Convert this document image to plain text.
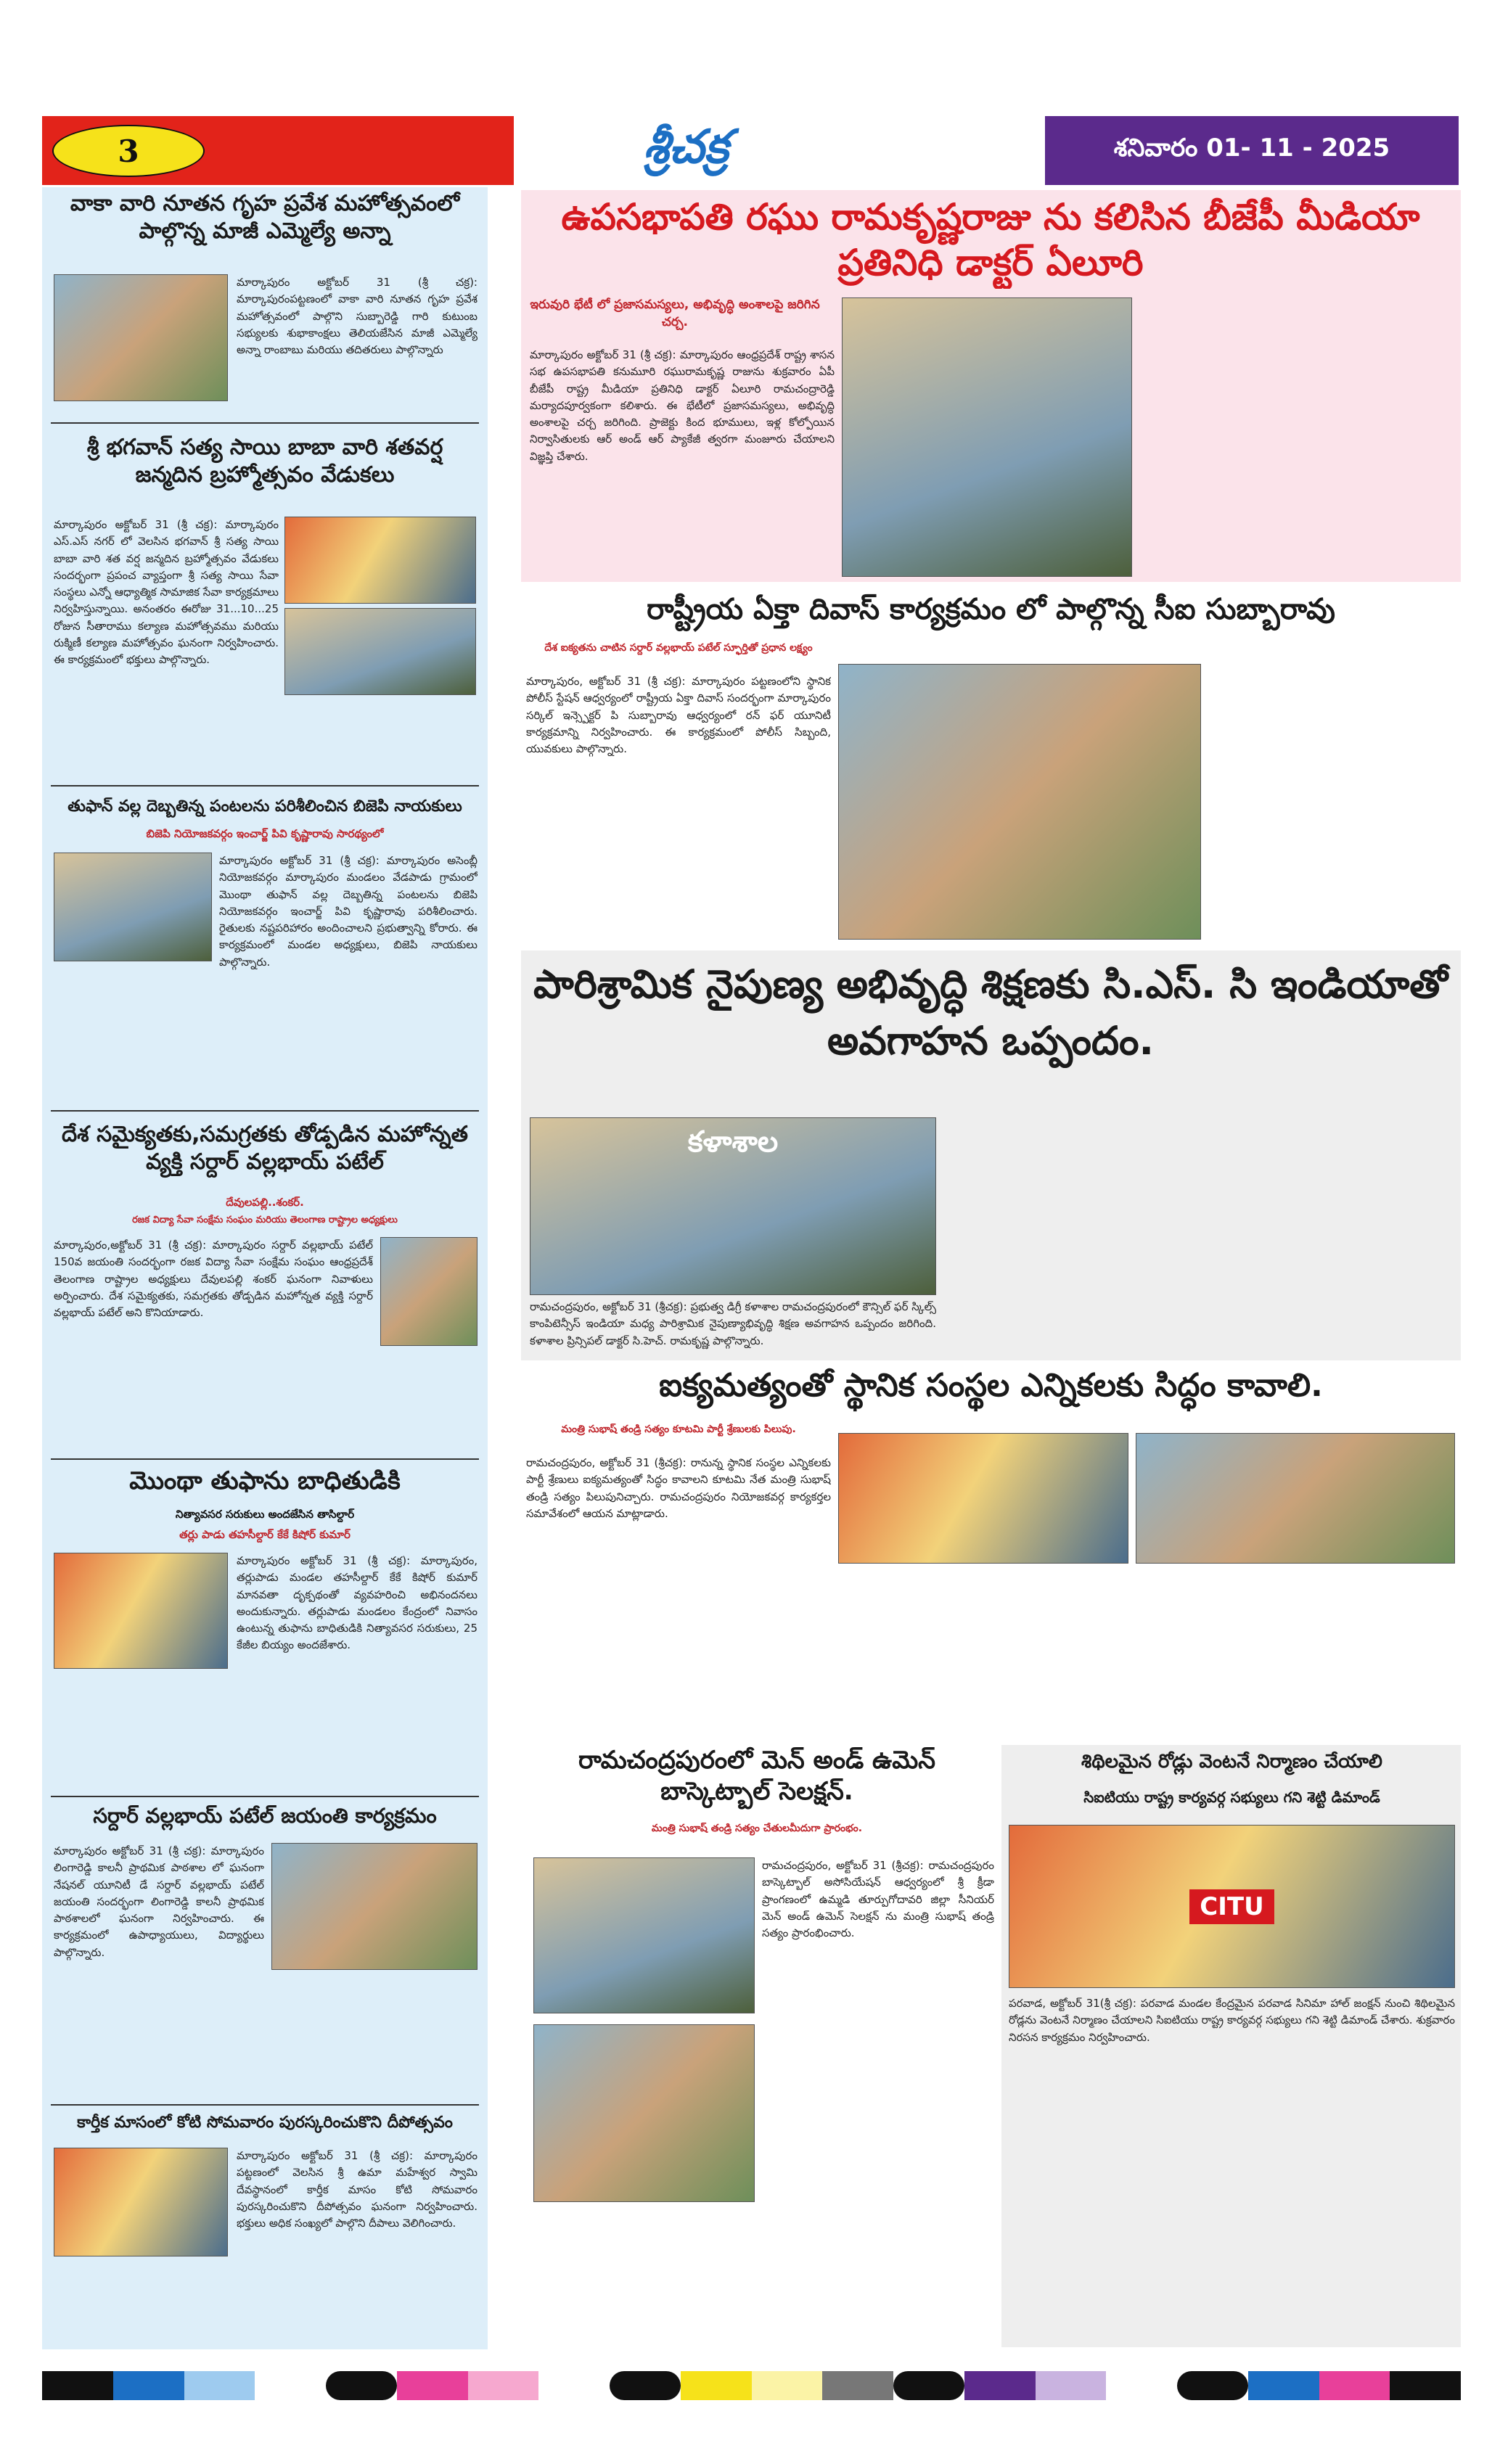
3	శ్రీచక్ర	శనివారం 01- 11 - 2025
వాకా వారి నూతన గృహ ప్రవేశ మహోత్సవంలో పాల్గొన్న మాజీ ఎమ్మెల్యే అన్నా
మార్కాపురం అక్టోబర్ 31 (శ్రీ చక్ర): మార్కాపురంపట్టణంలో వాకా వారి నూతన గృహ ప్రవేశ మహోత్సవంలో పాల్గొని సుబ్బారెడ్డి గారి కుటుంబ సభ్యులకు శుభాకాంక్షలు తెలియజేసిన మాజీ ఎమ్మెల్యే అన్నా రాంబాబు మరియు తదితరులు పాల్గొన్నారు
శ్రీ భగవాన్ సత్య సాయి బాబా వారి శతవర్ష జన్మదిన బ్రహ్మోత్సవం వేడుకలు
మార్కాపురం అక్టోబర్ 31 (శ్రీ చక్ర): మార్కాపురం ఎస్.ఎస్ నగర్ లో వెలసిన భగవాన్ శ్రీ సత్య సాయి బాబా వారి శత వర్ష జన్మదిన బ్రహ్మోత్సవం వేడుకలు సందర్భంగా ప్రపంచ వ్యాప్తంగా శ్రీ సత్య సాయి సేవా సంస్థలు ఎన్నో ఆధ్యాత్మిక సామాజిక సేవా కార్యక్రమాలు నిర్వహిస్తున్నాయి. అనంతరం ఈరోజు 31...10...25 రోజున సీతారాము కల్యాణ మహోత్సవము మరియు రుక్మిణీ కల్యాణ మహోత్సవం ఘనంగా నిర్వహించారు. ఈ కార్యక్రమంలో భక్తులు పాల్గొన్నారు.
తుఫాన్ వల్ల దెబ్బతిన్న పంటలను పరిశీలించిన బిజెపి నాయకులు
బిజెపి నియోజకవర్గం ఇంచార్జ్ పివి కృష్ణారావు సారథ్యంలో
మార్కాపురం అక్టోబర్ 31 (శ్రీ చక్ర): మార్కాపురం అసెంబ్లీ నియోజకవర్గం మార్కాపురం మండలం వేడపాడు గ్రామంలో మొంథా తుఫాన్ వల్ల దెబ్బతిన్న పంటలను బిజెపి నియోజకవర్గం ఇంచార్జ్ పివి కృష్ణారావు పరిశీలించారు. రైతులకు నష్టపరిహారం అందించాలని ప్రభుత్వాన్ని కోరారు. ఈ కార్యక్రమంలో మండల అధ్యక్షులు, బిజెపి నాయకులు పాల్గొన్నారు.
దేశ సమైక్యతకు,సమగ్రతకు తోడ్పడిన మహోన్నత వ్యక్తి సర్దార్ వల్లభాయ్ పటేల్
దేవులపల్లి..శంకర్.
రజక విద్యా సేవా సంక్షేమ సంఘం మరియు తెలంగాణ రాష్ట్రాల అధ్యక్షులు
మార్కాపురం,అక్టోబర్ 31 (శ్రీ చక్ర): మార్కాపురం సర్దార్ వల్లభాయ్ పటేల్ 150వ జయంతి సందర్భంగా రజక విద్యా సేవా సంక్షేమ సంఘం ఆంధ్రప్రదేశ్ తెలంగాణ రాష్ట్రాల అధ్యక్షులు దేవులపల్లి శంకర్ ఘనంగా నివాళులు అర్పించారు. దేశ సమైక్యతకు, సమగ్రతకు తోడ్పడిన మహోన్నత వ్యక్తి సర్దార్ వల్లభాయ్ పటేల్ అని కొనియాడారు.
మొంథా తుఫాను బాధితుడికి
నిత్యావసర సరుకులు అందజేసిన తాసిల్దార్
తర్లు పాడు తహసీల్దార్ కేకే కిషోర్ కుమార్
మార్కాపురం అక్టోబర్ 31 (శ్రీ చక్ర): మార్కాపురం, తర్లుపాడు మండల తహసీల్దార్ కేకే కిషోర్ కుమార్ మానవతా దృక్పథంతో వ్యవహరించి అభినందనలు అందుకున్నారు. తర్లుపాడు మండలం కేంద్రంలో నివాసం ఉంటున్న తుఫాను బాధితుడికి నిత్యావసర సరుకులు, 25 కేజీల బియ్యం అందజేశారు.
సర్దార్ వల్లభాయ్ పటేల్ జయంతి కార్యక్రమం
మార్కాపురం అక్టోబర్ 31 (శ్రీ చక్ర): మార్కాపురం లింగారెడ్డి కాలనీ ప్రాథమిక పాఠశాల లో ఘనంగా నేషనల్ యూనిటీ డే సర్దార్ వల్లభాయ్ పటేల్ జయంతి సందర్భంగా లింగారెడ్డి కాలనీ ప్రాథమిక పాఠశాలలో ఘనంగా నిర్వహించారు. ఈ కార్యక్రమంలో ఉపాధ్యాయులు, విద్యార్థులు పాల్గొన్నారు.
కార్తీక మాసంలో కోటి సోమవారం పురస్కరించుకొని దీపోత్సవం
మార్కాపురం అక్టోబర్ 31 (శ్రీ చక్ర): మార్కాపురం పట్టణంలో వెలసిన శ్రీ ఉమా మహేశ్వర స్వామి దేవస్థానంలో కార్తీక మాసం కోటి సోమవారం పురస్కరించుకొని దీపోత్సవం ఘనంగా నిర్వహించారు. భక్తులు అధిక సంఖ్యలో పాల్గొని దీపాలు వెలిగించారు.
ఉపసభాపతి రఘు రామకృష్ణరాజు ను కలిసిన బీజేపీ మీడియా ప్రతినిధి డాక్టర్ ఏలూరి
ఇరువురి భేటీ లో ప్రజాసమస్యలు, అభివృద్ధి అంశాలపై జరిగిన చర్చ.
మార్కాపురం అక్టోబర్ 31 (శ్రీ చక్ర): మార్కాపురం ఆంధ్రప్రదేశ్ రాష్ట్ర శాసన సభ ఉపసభాపతి కనుమూరి రఘురామకృష్ణ రాజును శుక్రవారం ఏపీ బీజేపీ రాష్ట్ర మీడియా ప్రతినిధి డాక్టర్ ఏలూరి రామచంద్రారెడ్డి మర్యాదపూర్వకంగా కలిశారు. ఈ భేటీలో ప్రజాసమస్యలు, అభివృద్ధి అంశాలపై చర్చ జరిగింది. ప్రాజెక్టు కింద భూములు, ఇళ్ల కోల్పోయిన నిర్వాసితులకు ఆర్ అండ్ ఆర్ ప్యాకేజీ త్వరగా మంజూరు చేయాలని విజ్ఞప్తి చేశారు.
రాష్ట్రీయ ఏక్తా దివాస్ కార్యక్రమం లో పాల్గొన్న సీఐ సుబ్బారావు
దేశ ఐక్యతను చాటిన సర్దార్ వల్లభాయ్ పటేల్ స్ఫూర్తితో ప్రధాన లక్ష్యం
మార్కాపురం, అక్టోబర్ 31 (శ్రీ చక్ర): మార్కాపురం పట్టణంలోని స్థానిక పోలీస్ స్టేషన్ ఆధ్వర్యంలో రాష్ట్రీయ ఏక్తా దివాస్ సందర్భంగా మార్కాపురం సర్కిల్ ఇన్స్పెక్టర్ పి సుబ్బారావు ఆధ్వర్యంలో రన్ ఫర్ యూనిటీ కార్యక్రమాన్ని నిర్వహించారు. ఈ కార్యక్రమంలో పోలీస్ సిబ్బంది, యువకులు పాల్గొన్నారు.
పారిశ్రామిక నైపుణ్య అభివృద్ధి శిక్షణకు సి.ఎస్. సి ఇండియాతో అవగాహన ఒప్పందం.
కళాశాల
రామచంద్రపురం, అక్టోబర్ 31 (శ్రీచక్ర): ప్రభుత్వ డిగ్రీ కళాశాల రామచంద్రపురంలో కౌన్సిల్ ఫర్ స్కిల్స్ కాంపిటెన్సీస్ ఇండియా మధ్య పారిశ్రామిక నైపుణ్యాభివృద్ధి శిక్షణ అవగాహన ఒప్పందం జరిగింది. కళాశాల ప్రిన్సిపల్ డాక్టర్ సి.హెచ్. రామకృష్ణ పాల్గొన్నారు.
ఐక్యమత్యంతో స్థానిక సంస్థల ఎన్నికలకు సిద్ధం కావాలి.
మంత్రి సుభాష్ తండ్రి సత్యం కూటమి పార్టీ శ్రేణులకు పిలుపు.
రామచంద్రపురం, అక్టోబర్ 31 (శ్రీచక్ర): రానున్న స్థానిక సంస్థల ఎన్నికలకు పార్టీ శ్రేణులు ఐక్యమత్యంతో సిద్ధం కావాలని కూటమి నేత మంత్రి సుభాష్ తండ్రి సత్యం పిలుపునిచ్చారు. రామచంద్రపురం నియోజకవర్గ కార్యకర్తల సమావేశంలో ఆయన మాట్లాడారు.
రామచంద్రపురంలో మెన్ అండ్ ఉమెన్ బాస్కెట్బాల్ సెలక్షన్.
మంత్రి సుభాష్ తండ్రి సత్యం చేతులమీదుగా ప్రారంభం.
రామచంద్రపురం, అక్టోబర్ 31 (శ్రీచక్ర): రామచంద్రపురం బాస్కెట్బాల్ అసోసియేషన్ ఆధ్వర్యంలో శ్రీ క్రీడా ప్రాంగణంలో ఉమ్మడి తూర్పుగోదావరి జిల్లా సీనియర్ మెన్ అండ్ ఉమెన్ సెలక్షన్ ను మంత్రి సుభాష్ తండ్రి సత్యం ప్రారంభించారు.
శిథిలమైన రోడ్లు వెంటనే నిర్మాణం చేయాలి
సిఐటియు రాష్ట్ర కార్యవర్గ సభ్యులు గని శెట్టి డిమాండ్
CITU
పరవాడ, అక్టోబర్ 31(శ్రీ చక్ర): పరవాడ మండల కేంద్రమైన పరవాడ సినిమా హాల్ జంక్షన్ నుంచి శిథిలమైన రోడ్లను వెంటనే నిర్మాణం చేయాలని సిఐటియు రాష్ట్ర కార్యవర్గ సభ్యులు గని శెట్టి డిమాండ్ చేశారు. శుక్రవారం నిరసన కార్యక్రమం నిర్వహించారు.
